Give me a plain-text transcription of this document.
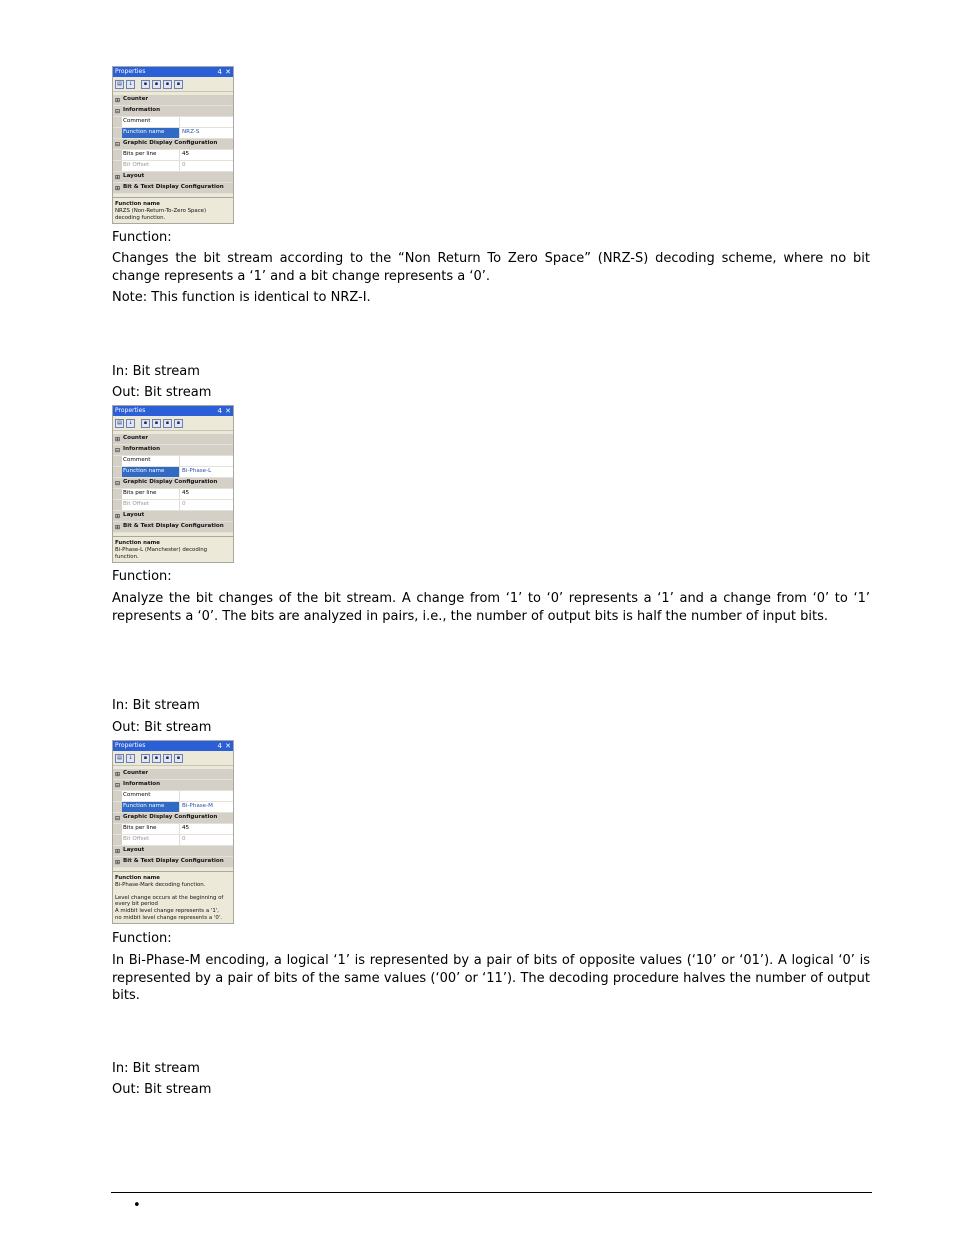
Properties	4 ✕
▤	↓	▪	▪	▪	▪
⊞ Counter
⊟ Information
Comment
Function name	NRZ-S
⊟ Graphic Display Configuration
Bits per line	45
Bit Offset	0
⊞ Layout
⊞ Bit & Text Display Configuration
Function name
NRZS (Non-Return-To-Zero Space) decoding function.

Function:

Changes the bit stream according to the “Non Return To Zero Space” (NRZ-S) decoding scheme, where no bit change represents a ‘1’ and a bit change represents a ‘0’.

Note: This function is identical to NRZ-I.

In: Bit stream

Out: Bit stream

Properties	4 ✕
▤	↓	▪	▪	▪	▪
⊞ Counter
⊟ Information
Comment
Function name	Bi-Phase-L
⊟ Graphic Display Configuration
Bits per line	45
Bit Offset	0
⊞ Layout
⊞ Bit & Text Display Configuration
Function name
Bi-Phase-L (Manchester) decoding function.

Function:

Analyze the bit changes of the bit stream. A change from ‘1’ to ‘0’ represents a ‘1’ and a change from ‘0’ to ‘1’ represents a ‘0’. The bits are analyzed in pairs, i.e., the number of output bits is half the number of input bits.

In: Bit stream

Out: Bit stream

Properties	4 ✕
▤	↓	▪	▪	▪	▪
⊞ Counter
⊟ Information
Comment
Function name	Bi-Phase-M
⊟ Graphic Display Configuration
Bits per line	45
Bit Offset	0
⊞ Layout
⊞ Bit & Text Display Configuration
Function name
Bi-Phase-Mark decoding function.
Level change occurs at the beginning of
every bit period
A midbit level change represents a '1',
no midbit level change represents a '0'.

Function:

In Bi-Phase-M encoding, a logical ‘1’ is represented by a pair of bits of opposite values (‘10’ or ‘01’). A logical ‘0’ is represented by a pair of bits of the same values (‘00’ or ‘11’). The decoding procedure halves the number of output bits.

In: Bit stream

Out: Bit stream

•
